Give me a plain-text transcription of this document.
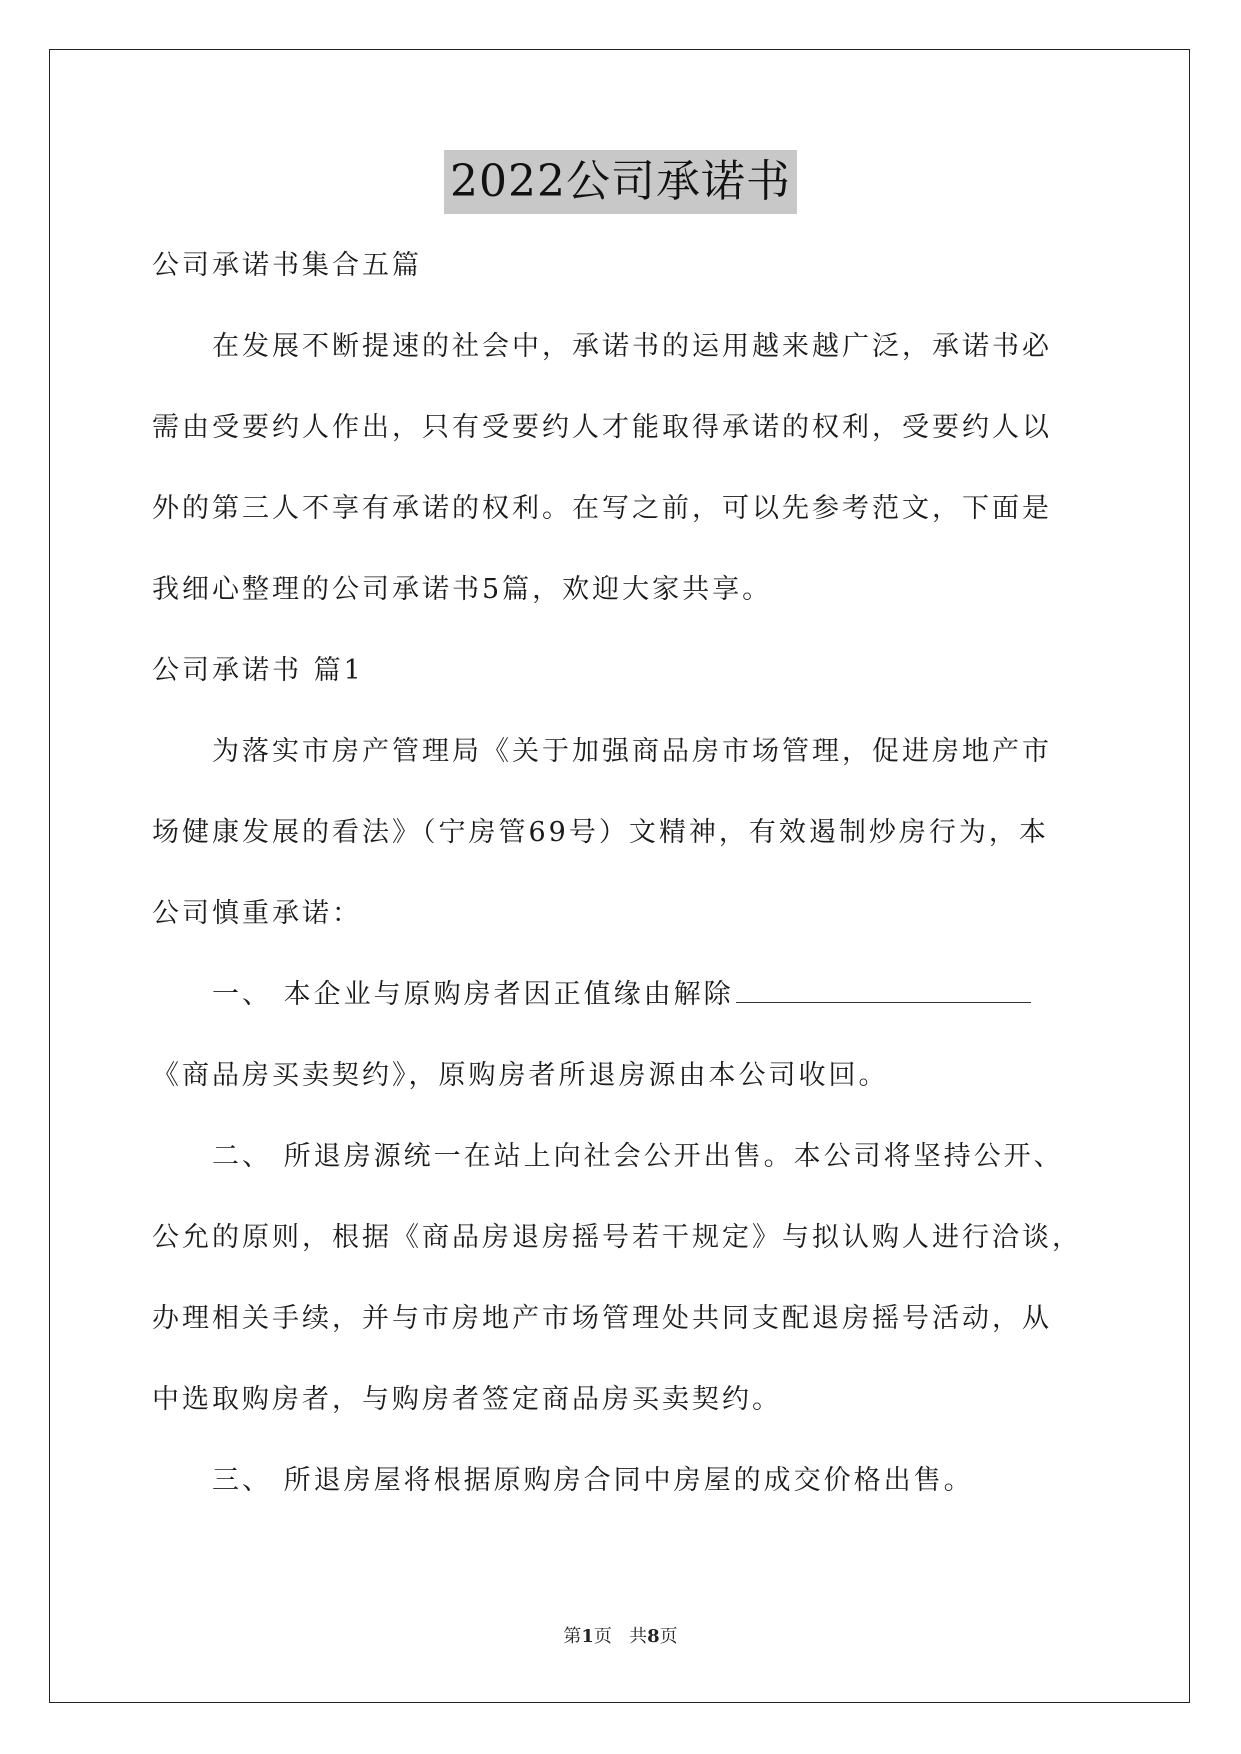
2022公司承诺书
公司承诺书集合五篇
在发展不断提速的社会中，承诺书的运用越来越广泛，承诺书必
需由受要约人作出，只有受要约人才能取得承诺的权利，受要约人以
外的第三人不享有承诺的权利。在写之前，可以先参考范文，下面是
我细心整理的公司承诺书5篇，欢迎大家共享。
公司承诺书 篇1
为落实市房产管理局《关于加强商品房市场管理，促进房地产市
场健康发展的看法》（宁房管69号）文精神，有效遏制炒房行为，本
公司慎重承诺：
一、 本企业与原购房者因正值缘由解除
《商品房买卖契约》，原购房者所退房源由本公司收回。
二、 所退房源统一在站上向社会公开出售。本公司将坚持公开、
公允的原则，根据《商品房退房摇号若干规定》与拟认购人进行洽谈，
办理相关手续，并与市房地产市场管理处共同支配退房摇号活动，从
中选取购房者，与购房者签定商品房买卖契约。
三、 所退房屋将根据原购房合同中房屋的成交价格出售。
第1页 共8页
